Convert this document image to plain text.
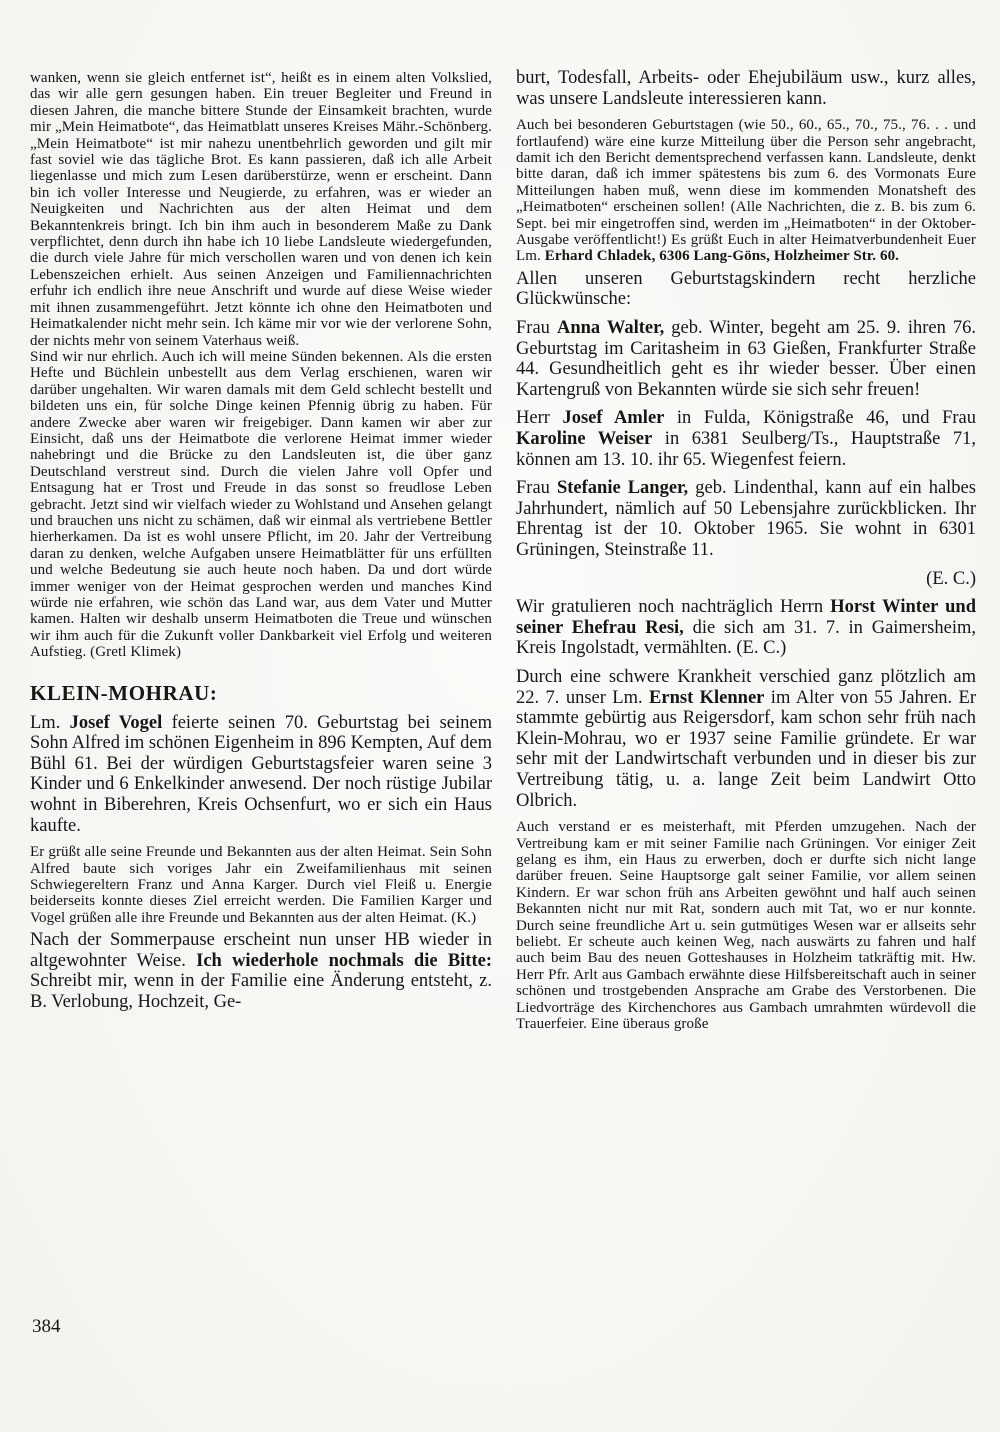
wanken, wenn sie gleich entfernet ist“, heißt es in einem alten Volkslied, das wir alle gern gesungen haben. Ein treuer Begleiter und Freund in diesen Jahren, die manche bittere Stunde der Einsamkeit brachten, wurde mir „Mein Heimatbote“, das Heimatblatt unseres Kreises Mähr.-Schönberg. „Mein Heimatbote“ ist mir nahezu unentbehrlich geworden und gilt mir fast soviel wie das tägliche Brot. Es kann passieren, daß ich alle Arbeit liegenlasse und mich zum Lesen darüberstürze, wenn er erscheint. Dann bin ich voller Interesse und Neugierde, zu erfahren, was er wieder an Neuigkeiten und Nachrichten aus der alten Heimat und dem Bekanntenkreis bringt. Ich bin ihm auch in besonderem Maße zu Dank verpflichtet, denn durch ihn habe ich 10 liebe Landsleute wiedergefunden, die durch viele Jahre für mich verschollen waren und von denen ich kein Lebenszeichen erhielt. Aus seinen Anzeigen und Familiennachrichten erfuhr ich endlich ihre neue Anschrift und wurde auf diese Weise wieder mit ihnen zusammengeführt. Jetzt könnte ich ohne den Heimatboten und Heimatkalender nicht mehr sein. Ich käme mir vor wie der verlorene Sohn, der nichts mehr von seinem Vaterhaus weiß.

Sind wir nur ehrlich. Auch ich will meine Sünden bekennen. Als die ersten Hefte und Büchlein unbestellt aus dem Verlag erschienen, waren wir darüber ungehalten. Wir waren damals mit dem Geld schlecht bestellt und bildeten uns ein, für solche Dinge keinen Pfennig übrig zu haben. Für andere Zwecke aber waren wir freigebiger. Dann kamen wir aber zur Einsicht, daß uns der Heimatbote die verlorene Heimat immer wieder nahebringt und die Brücke zu den Landsleuten ist, die über ganz Deutschland verstreut sind. Durch die vielen Jahre voll Opfer und Entsagung hat er Trost und Freude in das sonst so freudlose Leben gebracht. Jetzt sind wir vielfach wieder zu Wohlstand und Ansehen gelangt und brauchen uns nicht zu schämen, daß wir einmal als vertriebene Bettler hierherkamen. Da ist es wohl unsere Pflicht, im 20. Jahr der Vertreibung daran zu denken, welche Aufgaben unsere Heimatblätter für uns erfüllten und welche Bedeutung sie auch heute noch haben. Da und dort würde immer weniger von der Heimat gesprochen werden und manches Kind würde nie erfahren, wie schön das Land war, aus dem Vater und Mutter kamen. Halten wir deshalb unserm Heimatboten die Treue und wünschen wir ihm auch für die Zukunft voller Dankbarkeit viel Erfolg und weiteren Aufstieg. (Gretl Klimek)

KLEIN-MOHRAU:

Lm. Josef Vogel feierte seinen 70. Geburtstag bei seinem Sohn Alfred im schönen Eigenheim in 896 Kempten, Auf dem Bühl 61. Bei der würdigen Geburtstagsfeier waren seine 3 Kinder und 6 Enkelkinder anwesend. Der noch rüstige Jubilar wohnt in Biberehren, Kreis Ochsenfurt, wo er sich ein Haus kaufte.

Er grüßt alle seine Freunde und Bekannten aus der alten Heimat. Sein Sohn Alfred baute sich voriges Jahr ein Zweifamilienhaus mit seinen Schwiegereltern Franz und Anna Karger. Durch viel Fleiß u. Energie beiderseits konnte dieses Ziel erreicht werden. Die Familien Karger und Vogel grüßen alle ihre Freunde und Bekannten aus der alten Heimat. (K.)

Nach der Sommerpause erscheint nun unser HB wieder in altgewohnter Weise. Ich wiederhole nochmals die Bitte: Schreibt mir, wenn in der Familie eine Änderung entsteht, z. B. Verlobung, Hochzeit, Ge-

burt, Todesfall, Arbeits- oder Ehejubiläum usw., kurz alles, was unsere Landsleute interessieren kann.

Auch bei besonderen Geburtstagen (wie 50., 60., 65., 70., 75., 76. . . und fortlaufend) wäre eine kurze Mitteilung über die Person sehr angebracht, damit ich den Bericht dementsprechend verfassen kann. Landsleute, denkt bitte daran, daß ich immer spätestens bis zum 6. des Vormonats Eure Mitteilungen haben muß, wenn diese im kommenden Monatsheft des „Heimatboten“ erscheinen sollen! (Alle Nachrichten, die z. B. bis zum 6. Sept. bei mir eingetroffen sind, werden im „Heimatboten“ in der Oktober-Ausgabe veröffentlicht!) Es grüßt Euch in alter Heimatverbundenheit Euer Lm. Erhard Chladek, 6306 Lang-Göns, Holzheimer Str. 60.

Allen unseren Geburtstagskindern recht herzliche Glückwünsche:

Frau Anna Walter, geb. Winter, begeht am 25. 9. ihren 76. Geburtstag im Caritasheim in 63 Gießen, Frankfurter Straße 44. Gesundheitlich geht es ihr wieder besser. Über einen Kartengruß von Bekannten würde sie sich sehr freuen!

Herr Josef Amler in Fulda, Königstraße 46, und Frau Karoline Weiser in 6381 Seulberg/Ts., Hauptstraße 71, können am 13. 10. ihr 65. Wiegenfest feiern.

Frau Stefanie Langer, geb. Lindenthal, kann auf ein halbes Jahrhundert, nämlich auf 50 Lebensjahre zurückblicken. Ihr Ehrentag ist der 10. Oktober 1965. Sie wohnt in 6301 Grüningen, Steinstraße 11.

(E. C.)

Wir gratulieren noch nachträglich Herrn Horst Winter und seiner Ehefrau Resi, die sich am 31. 7. in Gaimersheim, Kreis Ingolstadt, vermählten. (E. C.)

Durch eine schwere Krankheit verschied ganz plötzlich am 22. 7. unser Lm. Ernst Klenner im Alter von 55 Jahren. Er stammte gebürtig aus Reigersdorf, kam schon sehr früh nach Klein-Mohrau, wo er 1937 seine Familie gründete. Er war sehr mit der Landwirtschaft verbunden und in dieser bis zur Vertreibung tätig, u. a. lange Zeit beim Landwirt Otto Olbrich.

Auch verstand er es meisterhaft, mit Pferden umzugehen. Nach der Vertreibung kam er mit seiner Familie nach Grüningen. Vor einiger Zeit gelang es ihm, ein Haus zu erwerben, doch er durfte sich nicht lange darüber freuen. Seine Hauptsorge galt seiner Familie, vor allem seinen Kindern. Er war schon früh ans Arbeiten gewöhnt und half auch seinen Bekannten nicht nur mit Rat, sondern auch mit Tat, wo er nur konnte. Durch seine freundliche Art u. sein gutmütiges Wesen war er allseits sehr beliebt. Er scheute auch keinen Weg, nach auswärts zu fahren und half auch beim Bau des neuen Gotteshauses in Holzheim tatkräftig mit. Hw. Herr Pfr. Arlt aus Gambach erwähnte diese Hilfsbereitschaft auch in seiner schönen und trostgebenden Ansprache am Grabe des Verstorbenen. Die Liedvorträge des Kirchenchores aus Gambach umrahmten würdevoll die Trauerfeier. Eine überaus große

384
